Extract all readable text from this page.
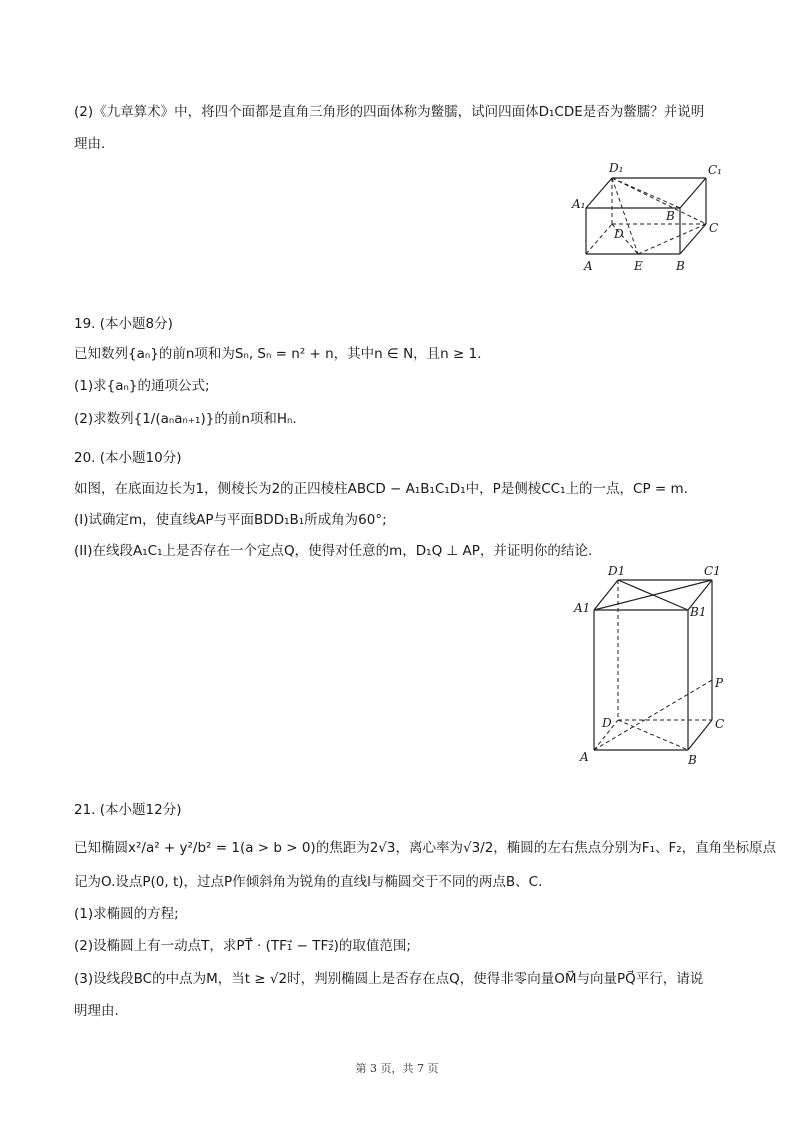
(2)《九章算术》中，将四个面都是直角三角形的四面体称为鳖臑，试问四面体D₁CDE是否为鳖臑？并说明
理由.
D₁	C₁
A₁
B
D	C
A	E	B
19. (本小题8分)
已知数列{aₙ}的前n项和为Sₙ, Sₙ = n² + n，其中n ∈ N，且n ≥ 1.
(1)求{aₙ}的通项公式;
(2)求数列{1/(aₙaₙ₊₁)}的前n项和Hₙ.
20. (本小题10分)
如图，在底面边长为1，侧棱长为2的正四棱柱ABCD − A₁B₁C₁D₁中，P是侧棱CC₁上的一点，CP = m.
(I)试确定m，使直线AP与平面BDD₁B₁所成角为60°;
(II)在线段A₁C₁上是否存在一个定点Q，使得对任意的m，D₁Q ⊥ AP，并证明你的结论.
D1	C1
A1	B1
P
D	C
A	B
21. (本小题12分)
已知椭圆x²/a² + y²/b² = 1(a > b > 0)的焦距为2√3，离心率为√3/2，椭圆的左右焦点分别为F₁、F₂，直角坐标原点
记为O.设点P(0, t)，过点P作倾斜角为锐角的直线l与椭圆交于不同的两点B、C.
(1)求椭圆的方程;
(2)设椭圆上有一动点T，求PT⃗ · (TF₁⃗ − TF₂⃗)的取值范围;
(3)设线段BC的中点为M，当t ≥ √2时，判别椭圆上是否存在点Q，使得非零向量OM⃗与向量PQ⃗平行，请说
明理由.
第 3 页，共 7 页
